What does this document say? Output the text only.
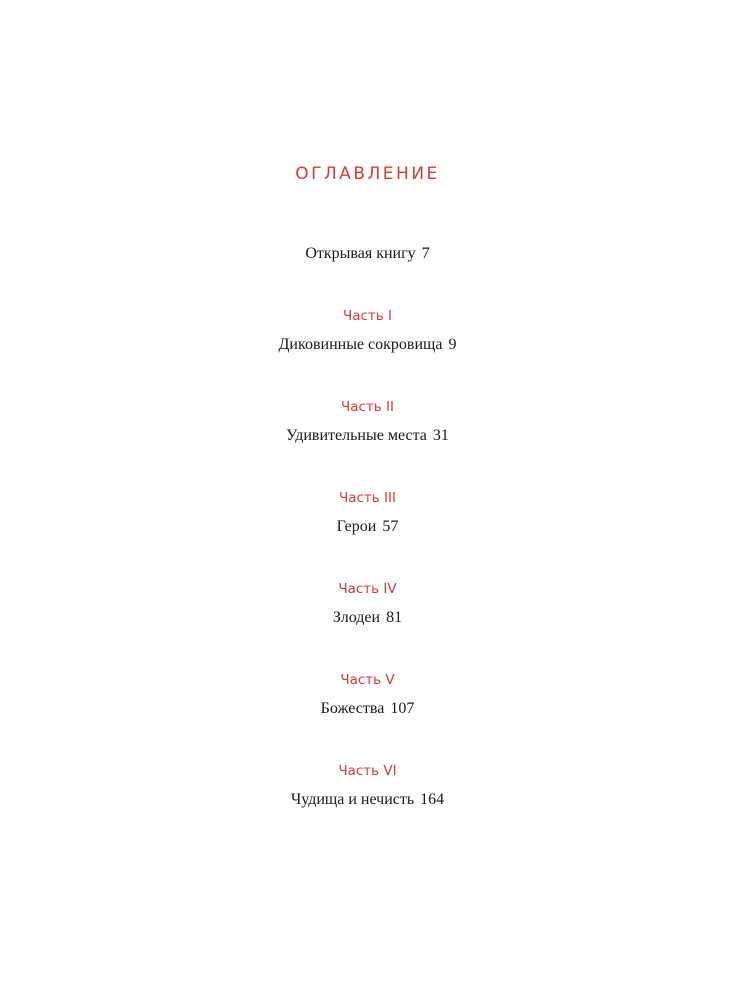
ОГЛАВЛЕНИЕ
Открывая книгу 7
Часть I
Диковинные сокровища 9
Часть II
Удивительные места 31
Часть III
Герои 57
Часть IV
Злодеи 81
Часть V
Божества 107
Часть VI
Чудища и нечисть 164
